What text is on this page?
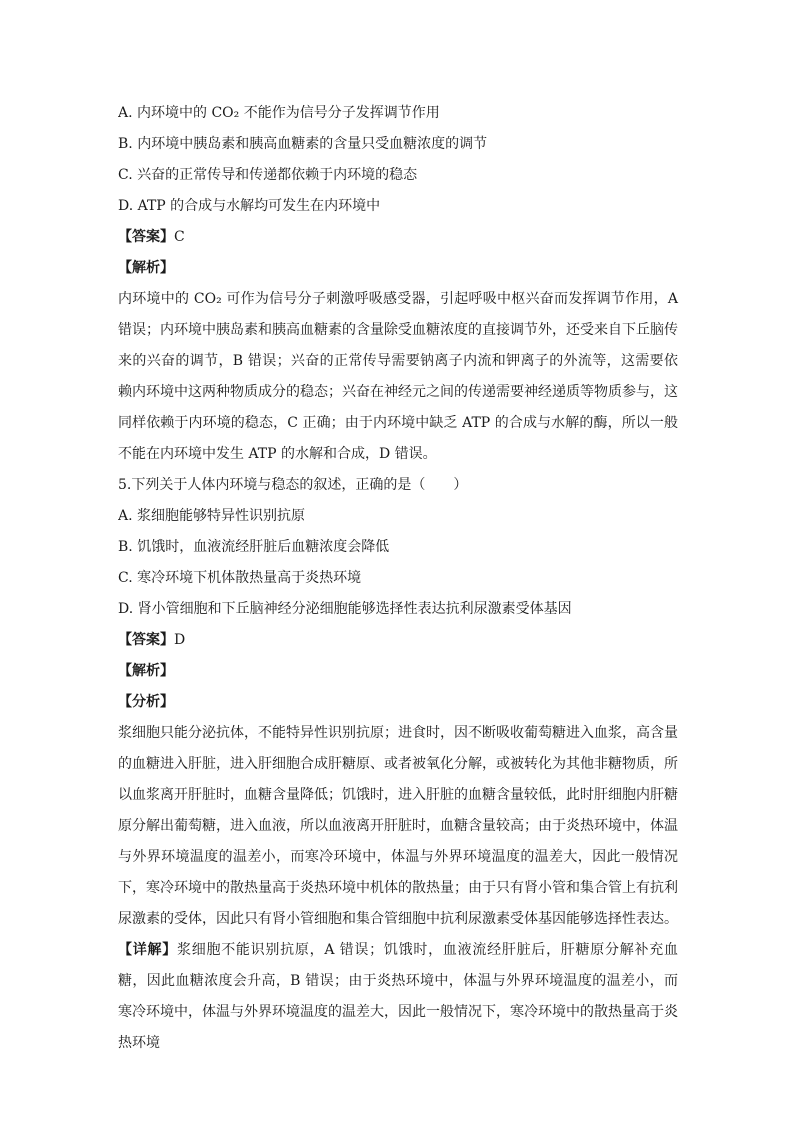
A. 内环境中的 CO₂ 不能作为信号分子发挥调节作用
B. 内环境中胰岛素和胰高血糖素的含量只受血糖浓度的调节
C. 兴奋的正常传导和传递都依赖于内环境的稳态
D. ATP 的合成与水解均可发生在内环境中
【答案】C
【解析】
内环境中的 CO₂ 可作为信号分子刺激呼吸感受器，引起呼吸中枢兴奋而发挥调节作用，A 错误；内环境中胰岛素和胰高血糖素的含量除受血糖浓度的直接调节外，还受来自下丘脑传来的兴奋的调节，B 错误；兴奋的正常传导需要钠离子内流和钾离子的外流等，这需要依赖内环境中这两种物质成分的稳态；兴奋在神经元之间的传递需要神经递质等物质参与，这同样依赖于内环境的稳态，C 正确；由于内环境中缺乏 ATP 的合成与水解的酶，所以一般不能在内环境中发生 ATP 的水解和合成，D 错误。
5.下列关于人体内环境与稳态的叙述，正确的是（　　）
A. 浆细胞能够特异性识别抗原
B. 饥饿时，血液流经肝脏后血糖浓度会降低
C. 寒冷环境下机体散热量高于炎热环境
D. 肾小管细胞和下丘脑神经分泌细胞能够选择性表达抗利尿激素受体基因
【答案】D
【解析】
【分析】
浆细胞只能分泌抗体，不能特异性识别抗原；进食时，因不断吸收葡萄糖进入血浆，高含量的血糖进入肝脏，进入肝细胞合成肝糖原、或者被氧化分解，或被转化为其他非糖物质，所以血浆离开肝脏时，血糖含量降低；饥饿时，进入肝脏的血糖含量较低，此时肝细胞内肝糖原分解出葡萄糖，进入血液，所以血液离开肝脏时，血糖含量较高；由于炎热环境中，体温与外界环境温度的温差小，而寒冷环境中，体温与外界环境温度的温差大，因此一般情况下，寒冷环境中的散热量高于炎热环境中机体的散热量；由于只有肾小管和集合管上有抗利尿激素的受体，因此只有肾小管细胞和集合管细胞中抗利尿激素受体基因能够选择性表达。
【详解】浆细胞不能识别抗原，A 错误；饥饿时，血液流经肝脏后，肝糖原分解补充血糖，因此血糖浓度会升高，B 错误；由于炎热环境中，体温与外界环境温度的温差小，而寒冷环境中，体温与外界环境温度的温差大，因此一般情况下，寒冷环境中的散热量高于炎热环境
